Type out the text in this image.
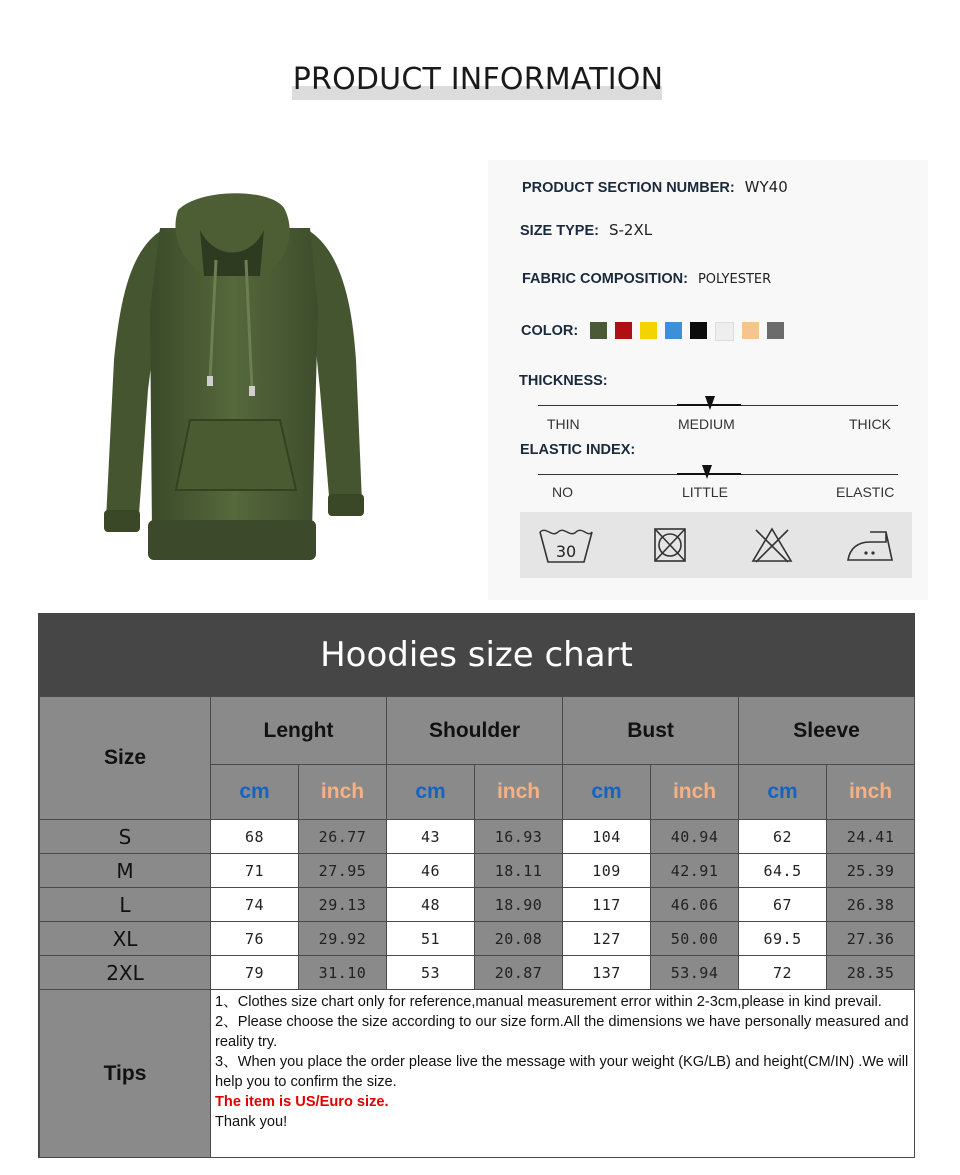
PRODUCT INFORMATION
PRODUCT SECTION NUMBER: WY40
SIZE TYPE: S-2XL
FABRIC COMPOSITION: POLYESTER
COLOR:
THICKNESS:
THIN	MEDIUM	THICK
ELASTIC INDEX:
NO	LITTLE	ELASTIC
30
Hoodies size chart
Size	Lenght		Shoulder		Bust		Sleeve	
	cm	inch	cm	inch	cm	inch	cm	inch
S	68	26.77	43	16.93	104	40.94	62	24.41
M	71	27.95	46	18.11	109	42.91	64.5	25.39
L	74	29.13	48	18.90	117	46.06	67	26.38
XL	76	29.92	51	20.08	127	50.00	69.5	27.36
2XL	79	31.10	53	20.87	137	53.94	72	28.35
Tips	1、Clothes size chart only for reference,manual measurement error within 2-3cm,please in kind prevail.
2、Please choose the size according to our size form.All the dimensions we have personally measured and reality try.
3、When you place the order please live the message with your weight (KG/LB) and height(CM/IN) .We will help you to confirm the size.
The item is US/Euro size.
Thank you!							
